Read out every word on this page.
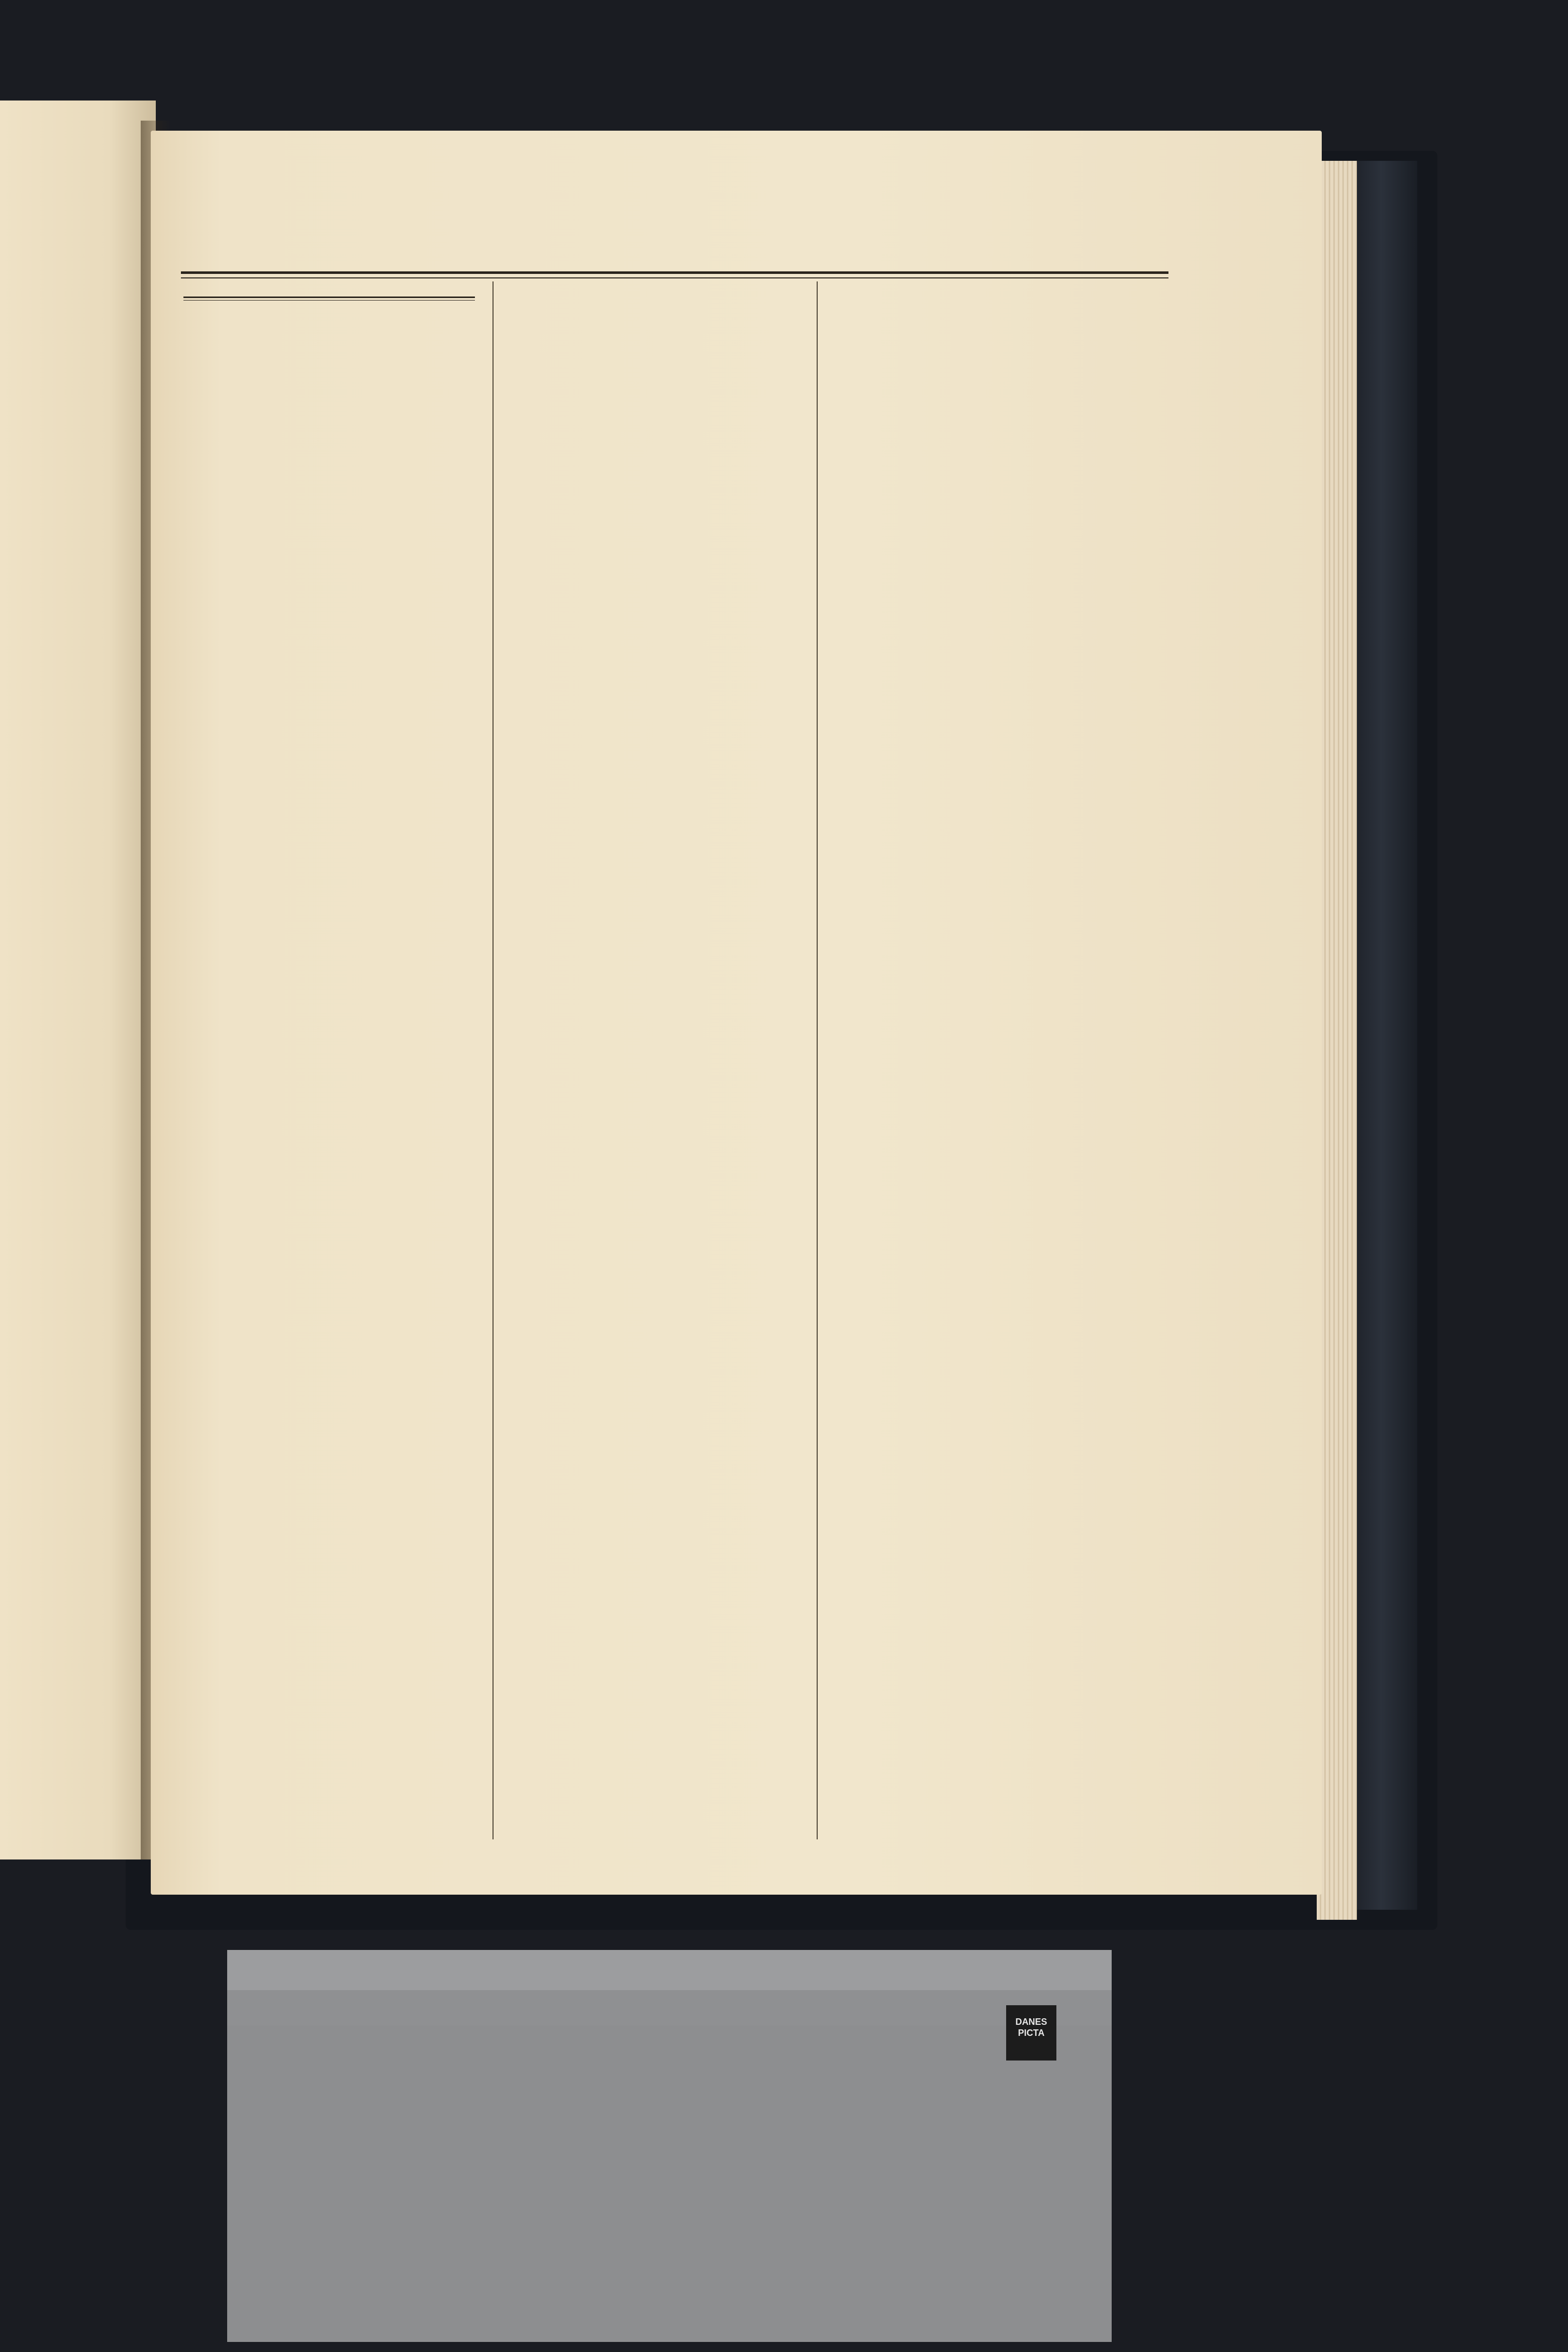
DANES
PICTA
